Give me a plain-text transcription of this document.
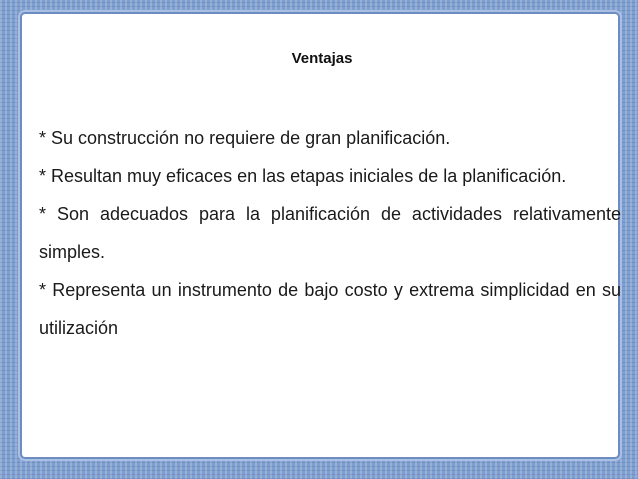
Ventajas

* Su construcción no requiere de gran planificación.

* Resultan muy eficaces en las etapas iniciales de la planificación.

* Son adecuados para la planificación de actividades relativamente simples.

* Representa un instrumento de bajo costo y extrema simplicidad en su utilización
